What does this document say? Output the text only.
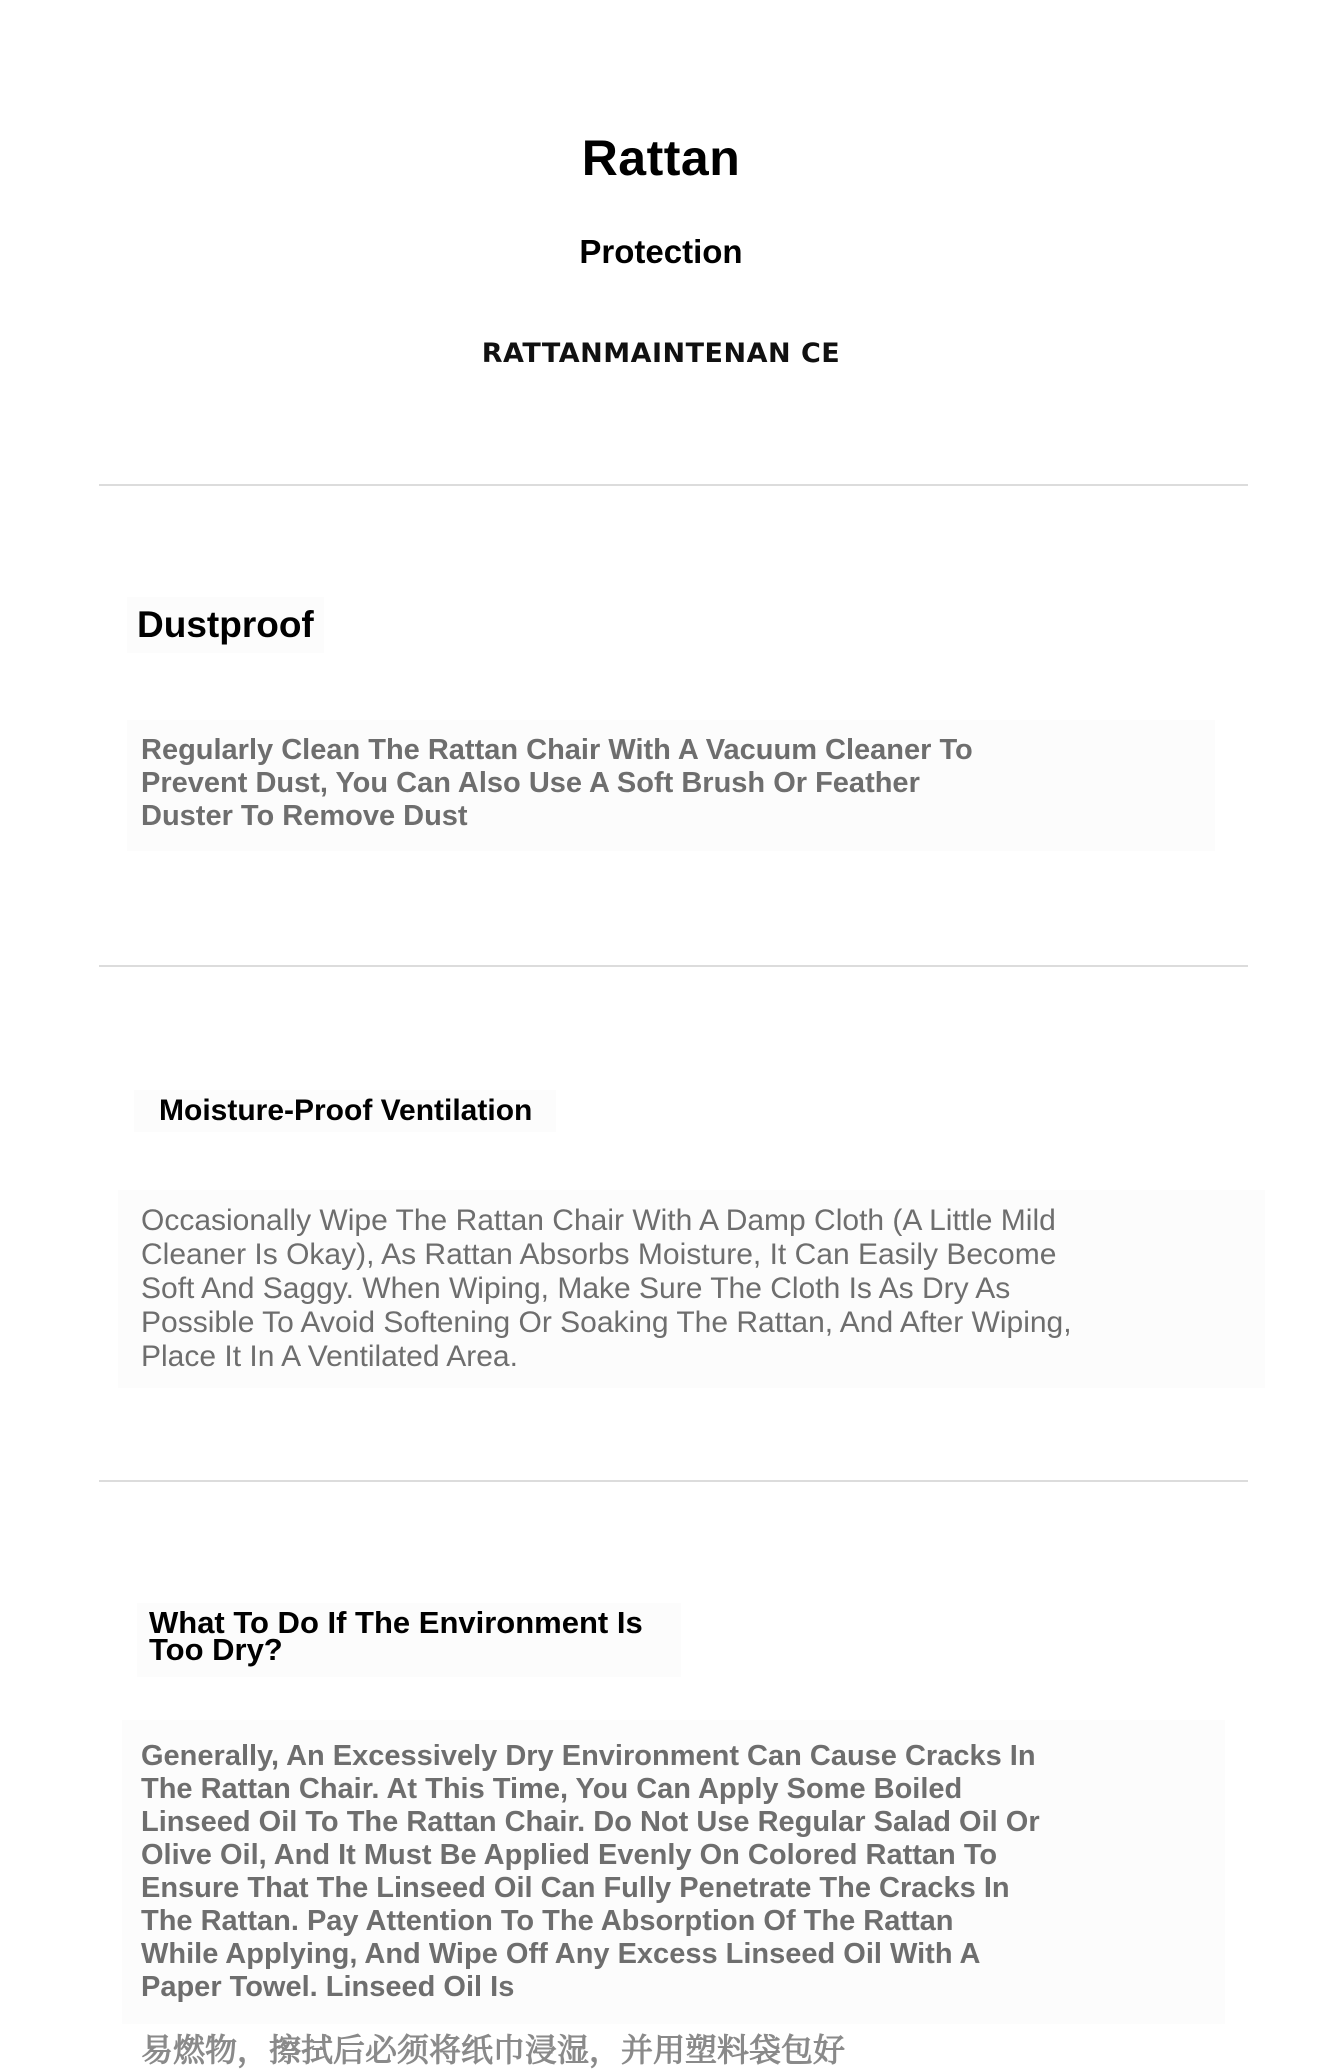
Rattan
Protection
RATTANMAINTENAN CE
Dustproof
Regularly Clean The Rattan Chair With A Vacuum Cleaner To
Prevent Dust, You Can Also Use A Soft Brush Or Feather
Duster To Remove Dust
Moisture-Proof Ventilation
Occasionally Wipe The Rattan Chair With A Damp Cloth (A Little Mild
Cleaner Is Okay), As Rattan Absorbs Moisture, It Can Easily Become
Soft And Saggy. When Wiping, Make Sure The Cloth Is As Dry As
Possible To Avoid Softening Or Soaking The Rattan, And After Wiping,
Place It In A Ventilated Area.
What To Do If The Environment Is
Too Dry?
Generally, An Excessively Dry Environment Can Cause Cracks In
The Rattan Chair. At This Time, You Can Apply Some Boiled
Linseed Oil To The Rattan Chair. Do Not Use Regular Salad Oil Or
Olive Oil, And It Must Be Applied Evenly On Colored Rattan To
Ensure That The Linseed Oil Can Fully Penetrate The Cracks In
The Rattan. Pay Attention To The Absorption Of The Rattan
While Applying, And Wipe Off Any Excess Linseed Oil With A
Paper Towel. Linseed Oil Is
易燃物，擦拭后必须将纸巾浸湿，并用塑料袋包好
